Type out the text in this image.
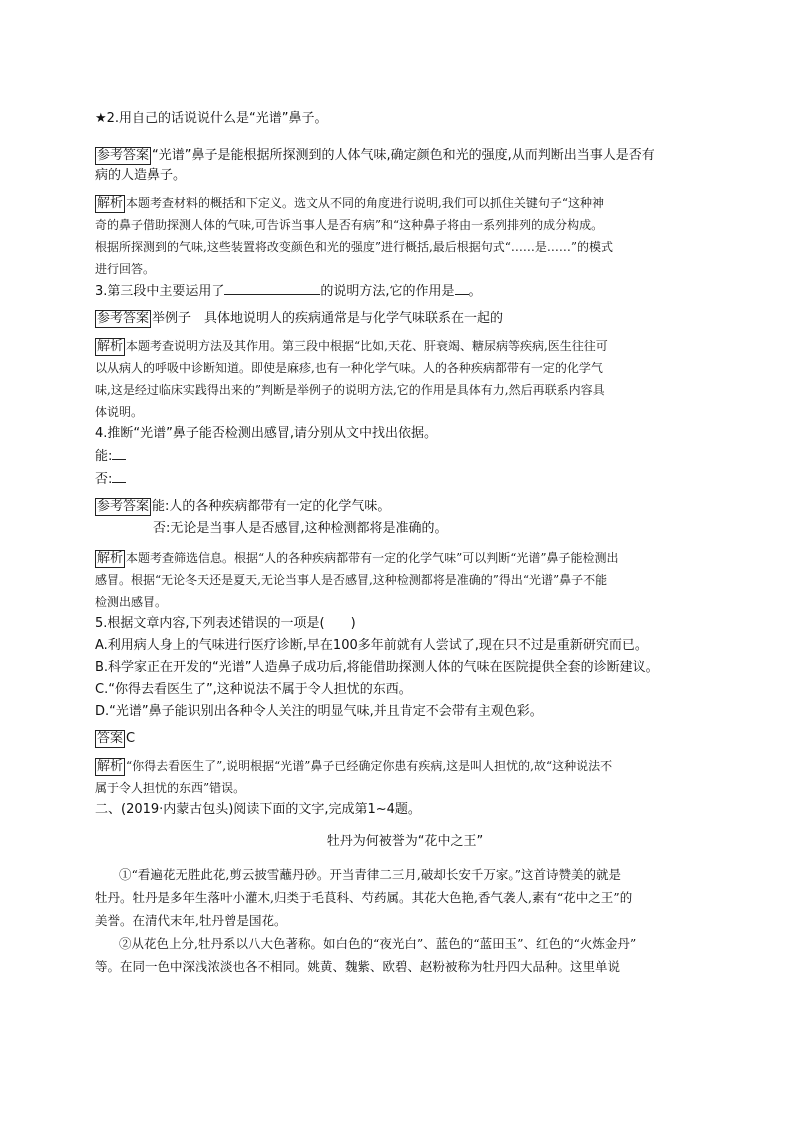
★2.用自己的话说说什么是“光谱”鼻子。
参考答案 “光谱”鼻子是能根据所探测到的人体气味,确定颜色和光的强度,从而判断出当事人是否有
病的人造鼻子。
解析 本题考查材料的概括和下定义。选文从不同的角度进行说明,我们可以抓住关键句子“这种神
奇的鼻子借助探测人体的气味,可告诉当事人是否有病”和“这种鼻子将由一系列排列的成分构成。
根据所探测到的气味,这些装置将改变颜色和光的强度”进行概括,最后根据句式“……是……”的模式
进行回答。
3.第三段中主要运用了	的说明方法,它的作用是 。
参考答案 举例子　具体地说明人的疾病通常是与化学气味联系在一起的
解析 本题考查说明方法及其作用。第三段中根据“比如,天花、肝衰竭、糖尿病等疾病,医生往往可
以从病人的呼吸中诊断知道。即使是麻疹,也有一种化学气味。人的各种疾病都带有一定的化学气
味,这是经过临床实践得出来的”判断是举例子的说明方法,它的作用是具体有力,然后再联系内容具
体说明。
4.推断“光谱”鼻子能否检测出感冒,请分别从文中找出依据。
能:
否:
参考答案 能:人的各种疾病都带有一定的化学气味。
否:无论是当事人是否感冒,这种检测都将是准确的。
解析 本题考查筛选信息。根据“人的各种疾病都带有一定的化学气味”可以判断“光谱”鼻子能检测出
感冒。根据“无论冬天还是夏天,无论当事人是否感冒,这种检测都将是准确的”得出“光谱”鼻子不能
检测出感冒。
5.根据文章内容,下列表述错误的一项是(　　)
A.利用病人身上的气味进行医疗诊断,早在100多年前就有人尝试了,现在只不过是重新研究而已。
B.科学家正在开发的“光谱”人造鼻子成功后,将能借助探测人体的气味在医院提供全套的诊断建议。
C.“你得去看医生了”,这种说法不属于令人担忧的东西。
D.“光谱”鼻子能识别出各种令人关注的明显气味,并且肯定不会带有主观色彩。
答案 C
解析 “你得去看医生了”,说明根据“光谱”鼻子已经确定你患有疾病,这是叫人担忧的,故“这种说法不
属于令人担忧的东西”错误。
二、(2019·内蒙古包头)阅读下面的文字,完成第1~4题。
牡丹为何被誉为“花中之王”
①“看遍花无胜此花,剪云披雪蘸丹砂。开当青律二三月,破却长安千万家。”这首诗赞美的就是
牡丹。牡丹是多年生落叶小灌木,归类于毛茛科、芍药属。其花大色艳,香气袭人,素有“花中之王”的
美誉。在清代末年,牡丹曾是国花。
②从花色上分,牡丹系以八大色著称。如白色的“夜光白”、蓝色的“蓝田玉”、红色的“火炼金丹”
等。在同一色中深浅浓淡也各不相同。姚黄、魏紫、欧碧、赵粉被称为牡丹四大品种。这里单说
